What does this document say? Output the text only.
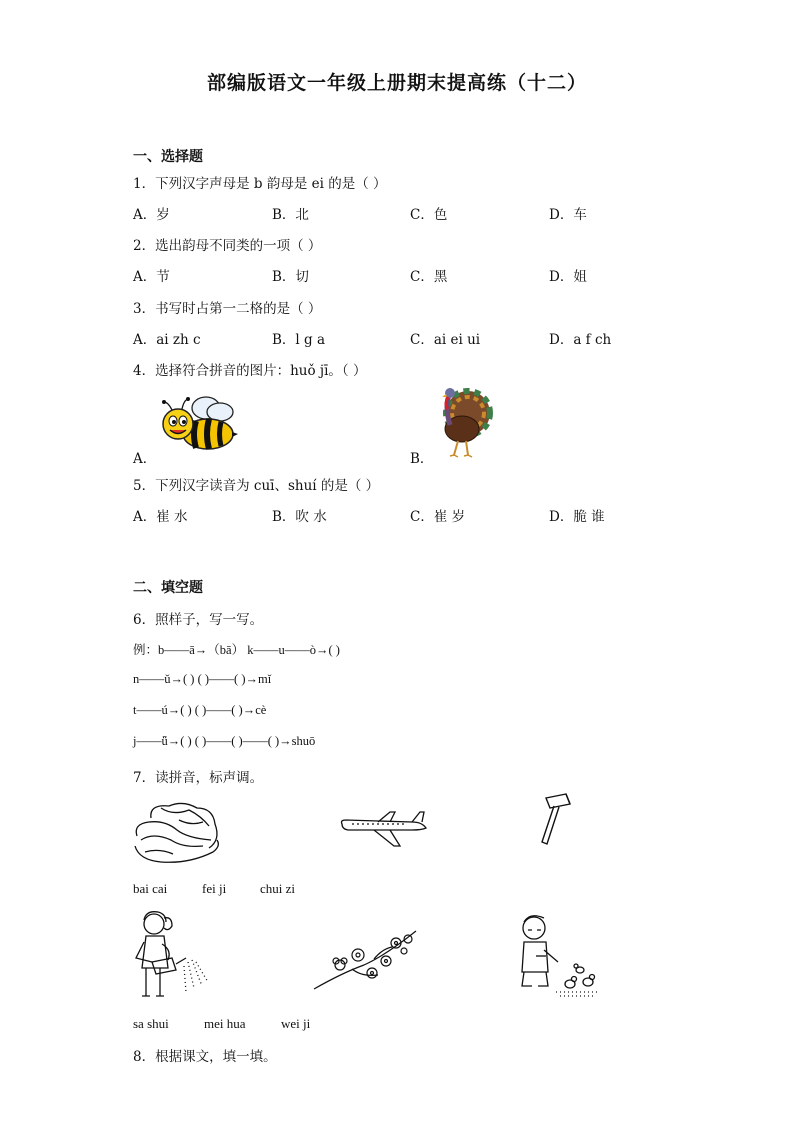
部编版语文一年级上册期末提高练（十二）
一、选择题
1．下列汉字声母是 b 韵母是 ei 的是（ ）
A．岁	B．北	C．色	D．车
2．选出韵母不同类的一项（ ）
A．节	B．切	C．黑	D．姐
3．书写时占第一二格的是（ ）
A．ai zh c	B．l g a	C．ai ei ui	D．a f ch
4．选择符合拼音的图片：huǒ jī。（ ）
A．	B．
5．下列汉字读音为 cuī、shuí 的是（ ）
A．崔 水	B．吹 水	C．崔 岁	D．脆 谁
二、填空题
6．照样子，写一写。
例：b——ā→（bā） k——u——ò→( )
n——ǔ→( ) ( )——( )→mǐ
t——ú→( ) ( )——( )→cè
j——ǖ→( ) ( )——( )——( )→shuō
7．读拼音，标声调。
bai cai	fei ji	chui zi
sa shui	mei hua	wei ji
8．根据课文，填一填。
